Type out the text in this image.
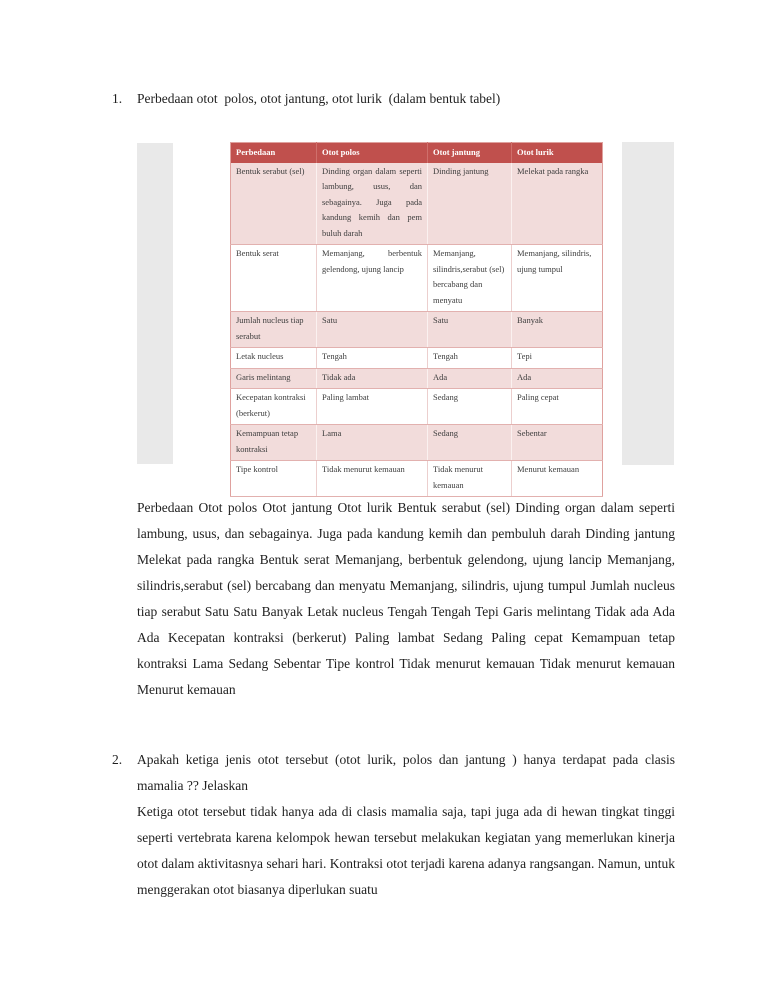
1.	Perbedaan otot  polos, otot jantung, otot lurik  (dalam bentuk tabel)
Perbedaan	Otot polos	Otot jantung	Otot lurik
Bentuk serabut (sel)	Dinding organ dalam seperti lambung, usus, dan sebagainya. Juga pada kandung kemih dan pem buluh darah	Dinding jantung	Melekat pada rangka
Bentuk serat	Memanjang, berbentuk gelendong, ujung lancip	Memanjang, silindris,serabut (sel) bercabang dan menyatu	Memanjang, silindris, ujung tumpul
Jumlah nucleus tiap serabut	Satu	Satu	Banyak
Letak nucleus	Tengah	Tengah	Tepi
Garis melintang	Tidak ada	Ada	Ada
Kecepatan kontraksi (berkerut)	Paling lambat	Sedang	Paling cepat
Kemampuan tetap kontraksi	Lama	Sedang	Sebentar
Tipe kontrol	Tidak menurut kemauan	Tidak menurut kemauan	Menurut kemauan

Perbedaan Otot polos Otot jantung Otot lurik Bentuk serabut (sel) Dinding organ dalam seperti lambung, usus, dan sebagainya. Juga pada kandung kemih dan pembuluh darah Dinding jantung Melekat pada rangka Bentuk serat Memanjang, berbentuk gelendong, ujung lancip Memanjang, silindris,serabut (sel) bercabang dan menyatu Memanjang, silindris, ujung tumpul Jumlah nucleus tiap serabut Satu Satu Banyak Letak nucleus Tengah Tengah Tepi Garis melintang Tidak ada Ada Ada Kecepatan kontraksi (berkerut) Paling lambat Sedang Paling cepat Kemampuan tetap kontraksi Lama Sedang Sebentar Tipe kontrol Tidak menurut kemauan Tidak menurut kemauan Menurut kemauan

2.	Apakah ketiga jenis otot tersebut (otot lurik, polos dan jantung ) hanya terdapat pada clasis mamalia ?? Jelaskan

Ketiga otot tersebut tidak hanya ada di clasis mamalia saja, tapi juga ada di hewan tingkat tinggi seperti vertebrata karena kelompok hewan tersebut melakukan kegiatan yang memerlukan kinerja otot dalam aktivitasnya sehari hari. Kontraksi otot terjadi karena adanya rangsangan. Namun, untuk menggerakan otot biasanya diperlukan suatu
